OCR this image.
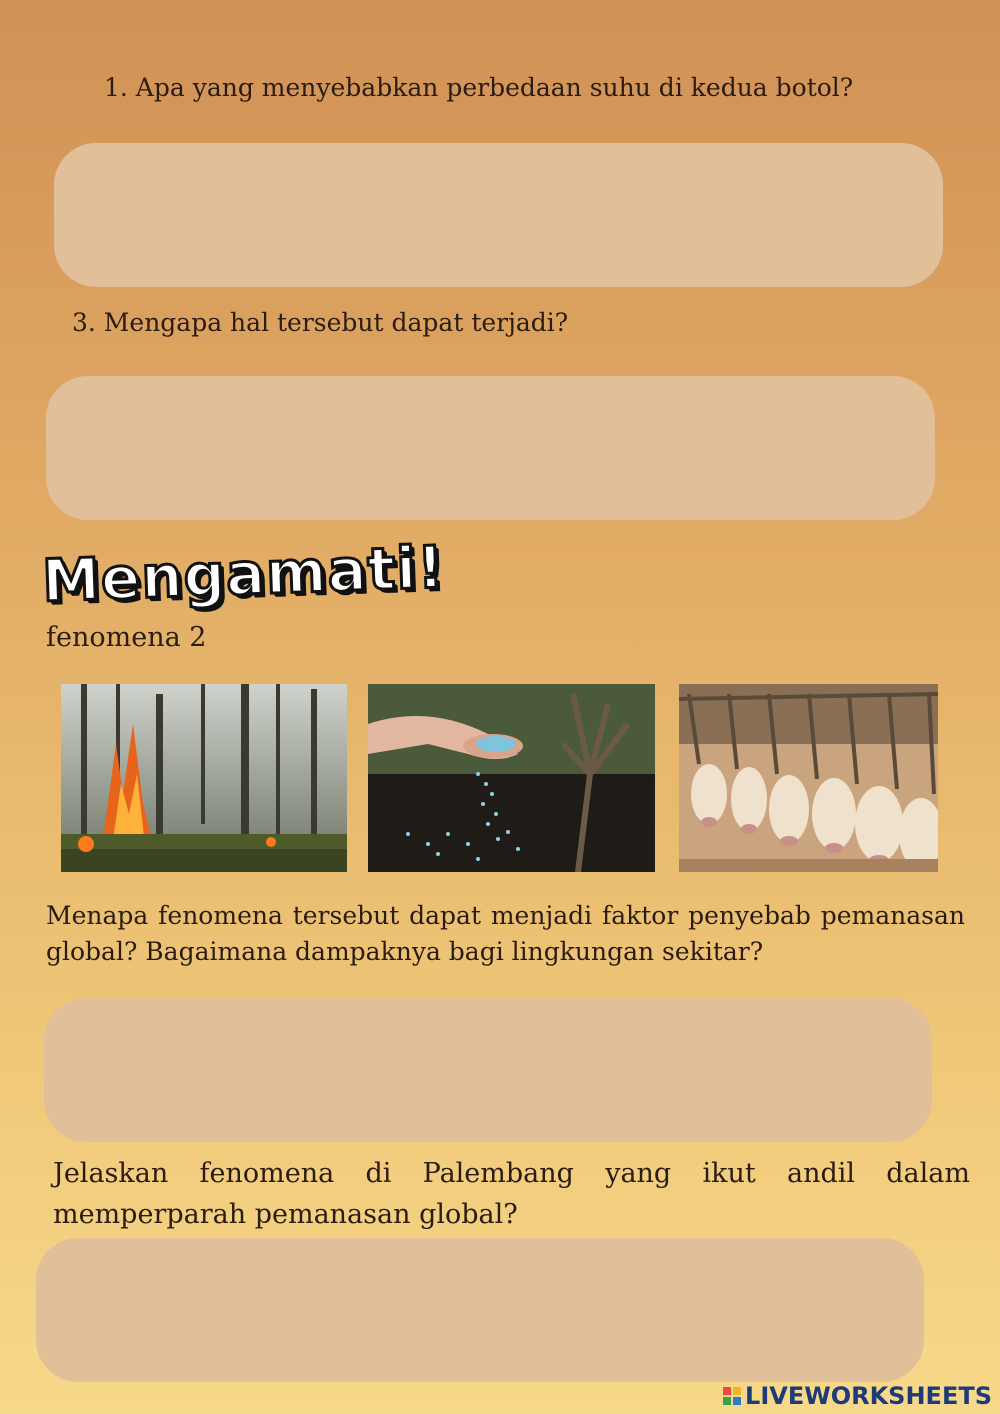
1. Apa yang menyebabkan perbedaan suhu di kedua botol?
3. Mengapa hal tersebut dapat terjadi?
Mengamati!
fenomena 2
Menapa fenomena tersebut dapat menjadi faktor penyebab pemanasan
global? Bagaimana dampaknya bagi lingkungan sekitar?
Jelaskan fenomena di Palembang yang ikut andil dalam
memperparah pemanasan global?
LIVEWORKSHEETS
